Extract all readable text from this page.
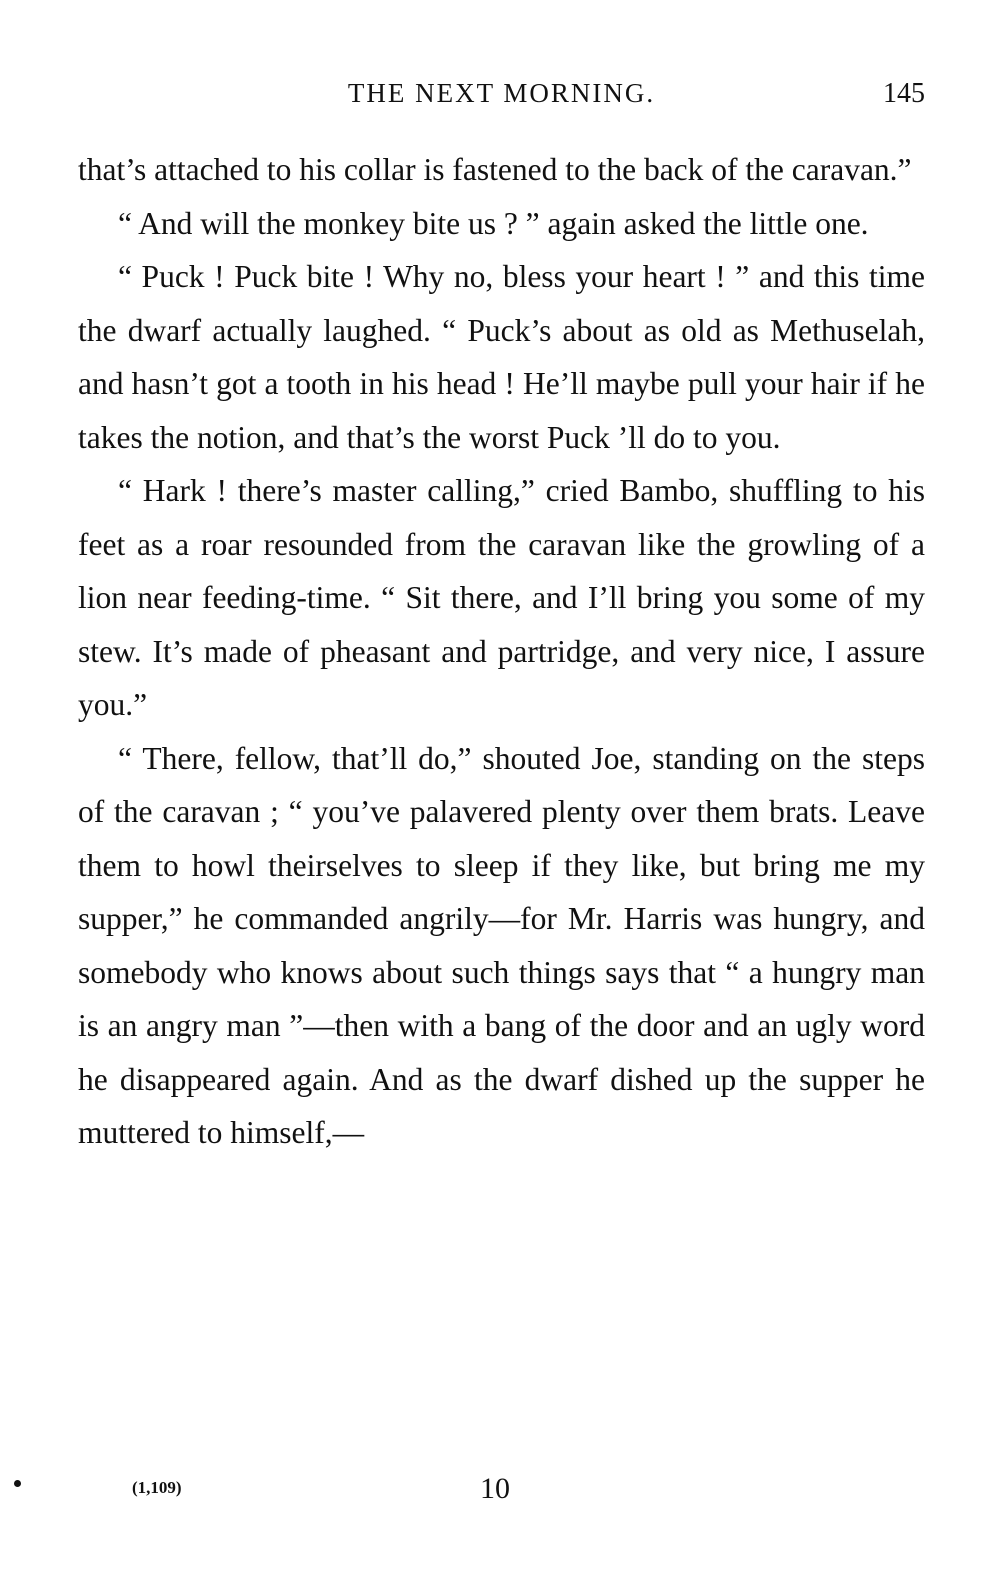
THE NEXT MORNING.	145

that’s attached to his collar is fastened to the back of the caravan.”

“ And will the monkey bite us ? ” again asked the little one.

“ Puck ! Puck bite ! Why no, bless your heart ! ” and this time the dwarf actually laughed. “ Puck’s about as old as Methuselah, and hasn’t got a tooth in his head ! He’ll maybe pull your hair if he takes the notion, and that’s the worst Puck ’ll do to you.

“ Hark ! there’s master calling,” cried Bambo, shuffling to his feet as a roar resounded from the caravan like the growling of a lion near feeding-time. “ Sit there, and I’ll bring you some of my stew. It’s made of pheasant and partridge, and very nice, I assure you.”

“ There, fellow, that’ll do,” shouted Joe, standing on the steps of the caravan ; “ you’ve palavered plenty over them brats. Leave them to howl theirselves to sleep if they like, but bring me my supper,” he commanded angrily—for Mr. Harris was hungry, and somebody who knows about such things says that “ a hungry man is an angry man ”—then with a bang of the door and an ugly word he disappeared again. And as the dwarf dished up the supper he muttered to himself,—

(1,109)	10
